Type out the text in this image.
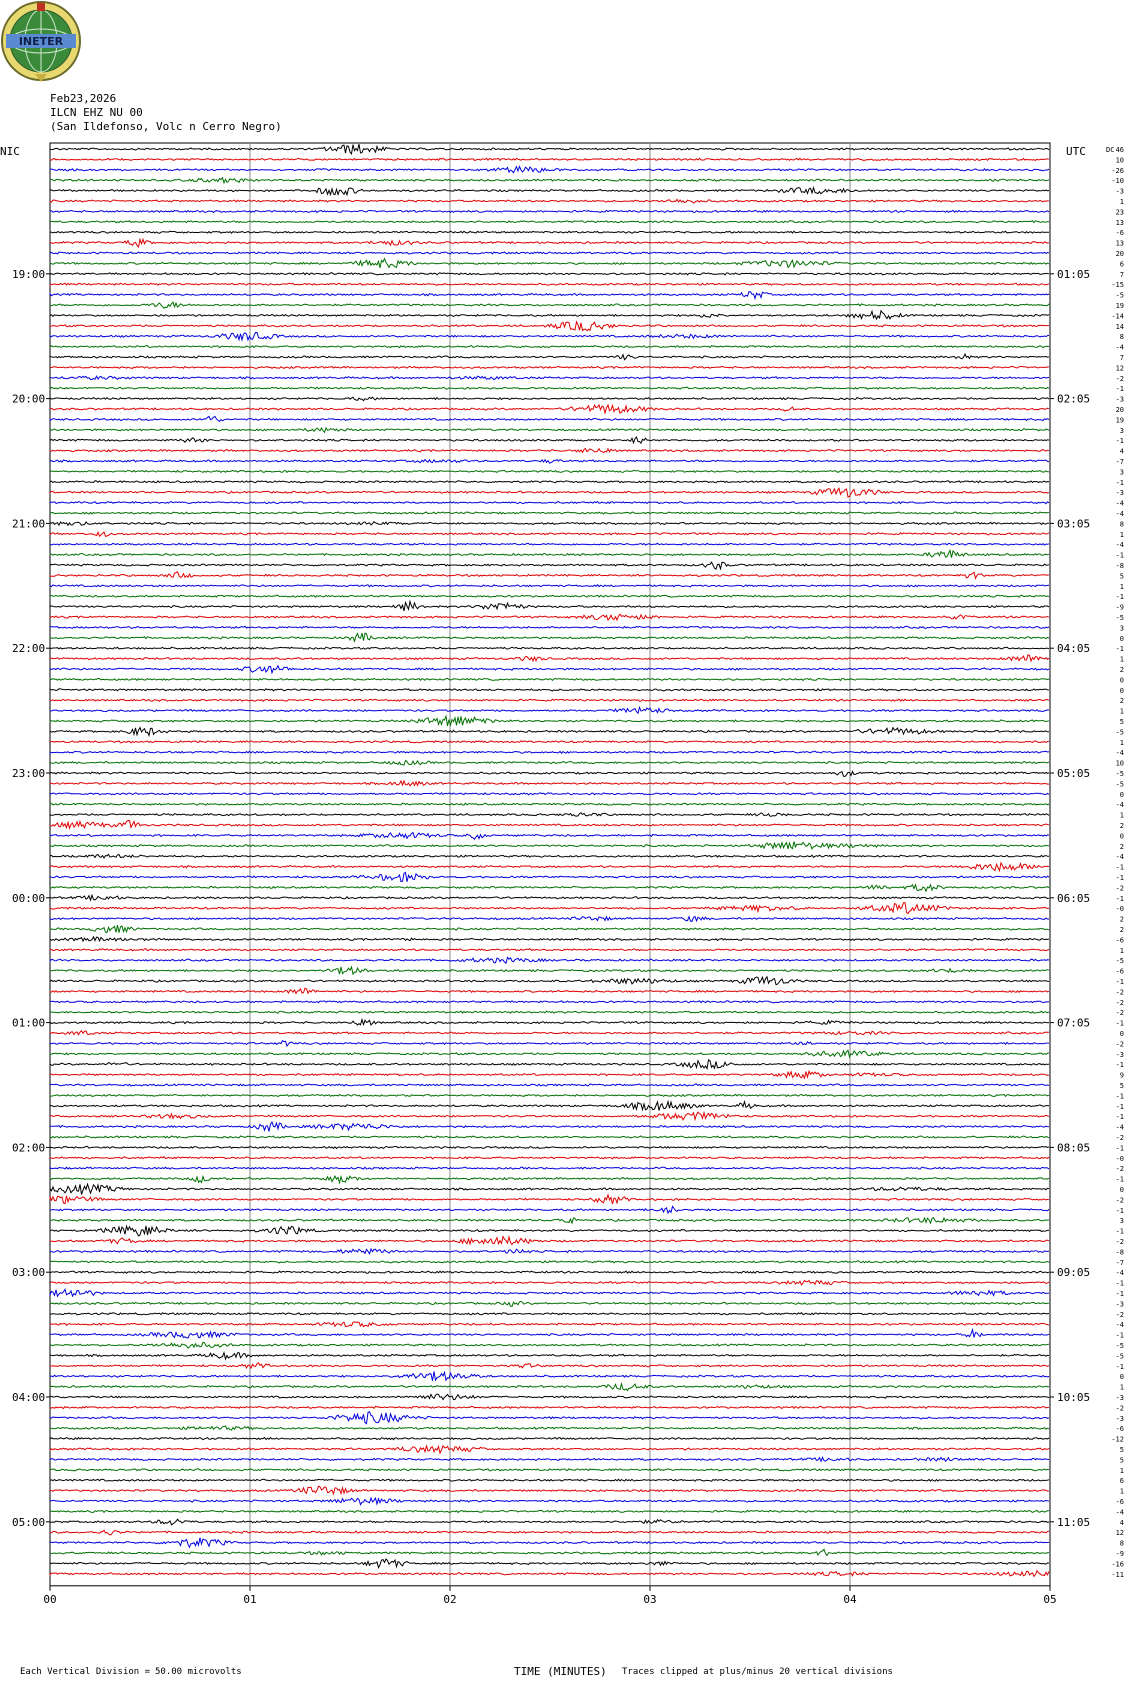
INETER
Feb23,2026
ILCN EHZ NU 00
(San Ildefonso, Volc n Cerro Negro)
00	01	02	03	04	05
NIC	UTC	DC 46
10
-26
-10
-3
1
23
13
-6
13
20
6
7
-15
-5
19
-14
14
8
-4
7
12
-2
-1
-3
20
19
3
-1
4
-7
3
-1
-3
-4
-4
8
1
-4
-1
-8
5
1
-1
-9
-5
3
0
-1
1
2
0
0
2
1
5
-5
1
-4
10
-5
-5
0
-4
1
2
0
2
-4
-1
-1
-2
-1
-0
2
2
-6
1
-5
-6
-1
-2
-2
-2
-1
0
-2
-3
-1
9
5
-1
-1
-1
-4
-2
-1
-0
-2
-1
0
-2
-1
3
-1
-2
-8
-7
-4
-1
-1
-3
-2
-4
-1
-5
-5
-1
0
1
-3
-2
-3
-6
-12
5
5
1
6
1
-6
-4
4
12
8
-9
-16
-11
19:00	01:05
20:00	02:05
21:00	03:05
22:00	04:05
23:00	05:05
00:00	06:05
01:00	07:05
02:00	08:05
03:00	09:05
04:00	10:05
05:00	11:05
Each Vertical Division = 50.00 microvolts	TIME (MINUTES) Traces clipped at plus/minus 20 vertical divisions
